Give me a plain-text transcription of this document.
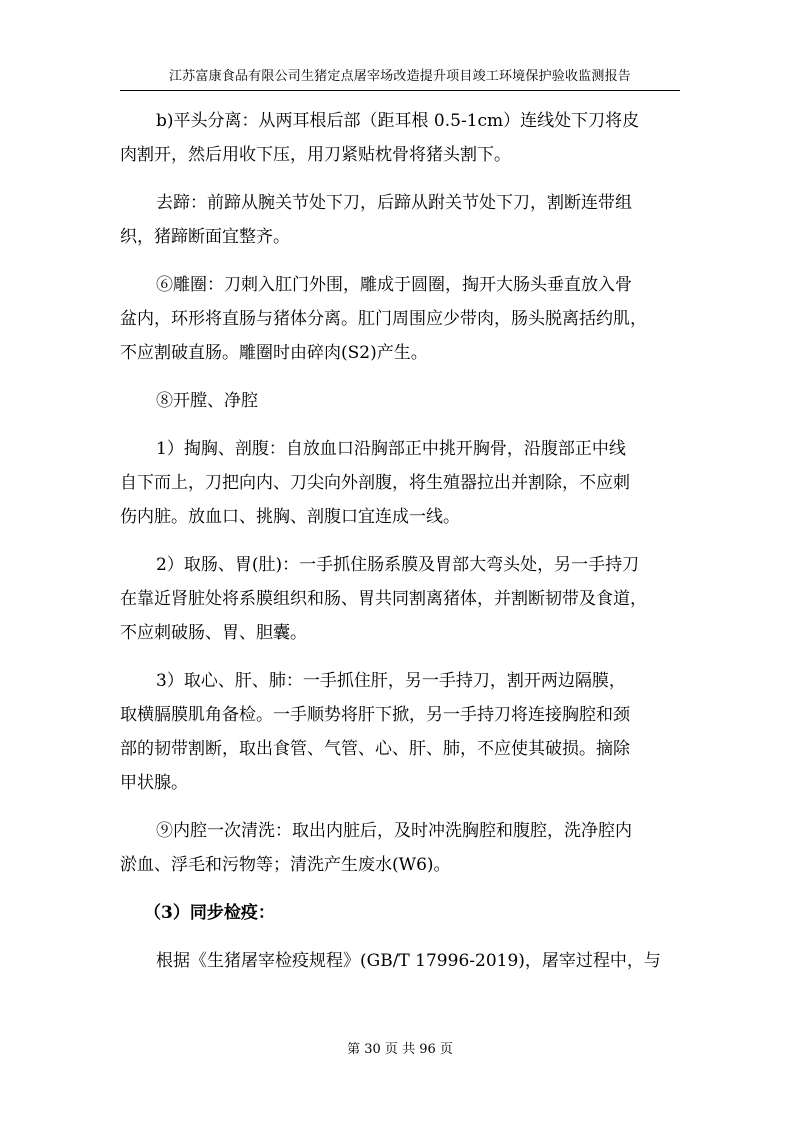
江苏富康食品有限公司生猪定点屠宰场改造提升项目竣工环境保护验收监测报告
b)平头分离：从两耳根后部（距耳根 0.5-1cm）连线处下刀将皮
肉割开，然后用收下压，用刀紧贴枕骨将猪头割下。
去蹄：前蹄从腕关节处下刀，后蹄从跗关节处下刀，割断连带组
织，猪蹄断面宜整齐。
⑥雕圈：刀刺入肛门外围，雕成于圆圈，掏开大肠头垂直放入骨
盆内，环形将直肠与猪体分离。肛门周围应少带肉，肠头脱离括约肌，
不应割破直肠。雕圈时由碎肉(S2)产生。
⑧开膛、净腔
1）掏胸、剖腹：自放血口沿胸部正中挑开胸骨，沿腹部正中线
自下而上，刀把向内、刀尖向外剖腹，将生殖器拉出并割除，不应刺
伤内脏。放血口、挑胸、剖腹口宜连成一线。
2）取肠、胃(肚)：一手抓住肠系膜及胃部大弯头处，另一手持刀
在靠近肾脏处将系膜组织和肠、胃共同割离猪体，并割断韧带及食道，
不应刺破肠、胃、胆囊。
3）取心、肝、肺：一手抓住肝，另一手持刀，割开两边隔膜，
取横膈膜肌角备检。一手顺势将肝下掀，另一手持刀将连接胸腔和颈
部的韧带割断，取出食管、气管、心、肝、肺，不应使其破损。摘除
甲状腺。
⑨内腔一次清洗：取出内脏后，及时冲洗胸腔和腹腔，洗净腔内
淤血、浮毛和污物等；清洗产生废水(W6)。
（3）同步检疫：
根据《生猪屠宰检疫规程》(GB/T 17996-2019)，屠宰过程中，与
第 30 页 共 96 页
